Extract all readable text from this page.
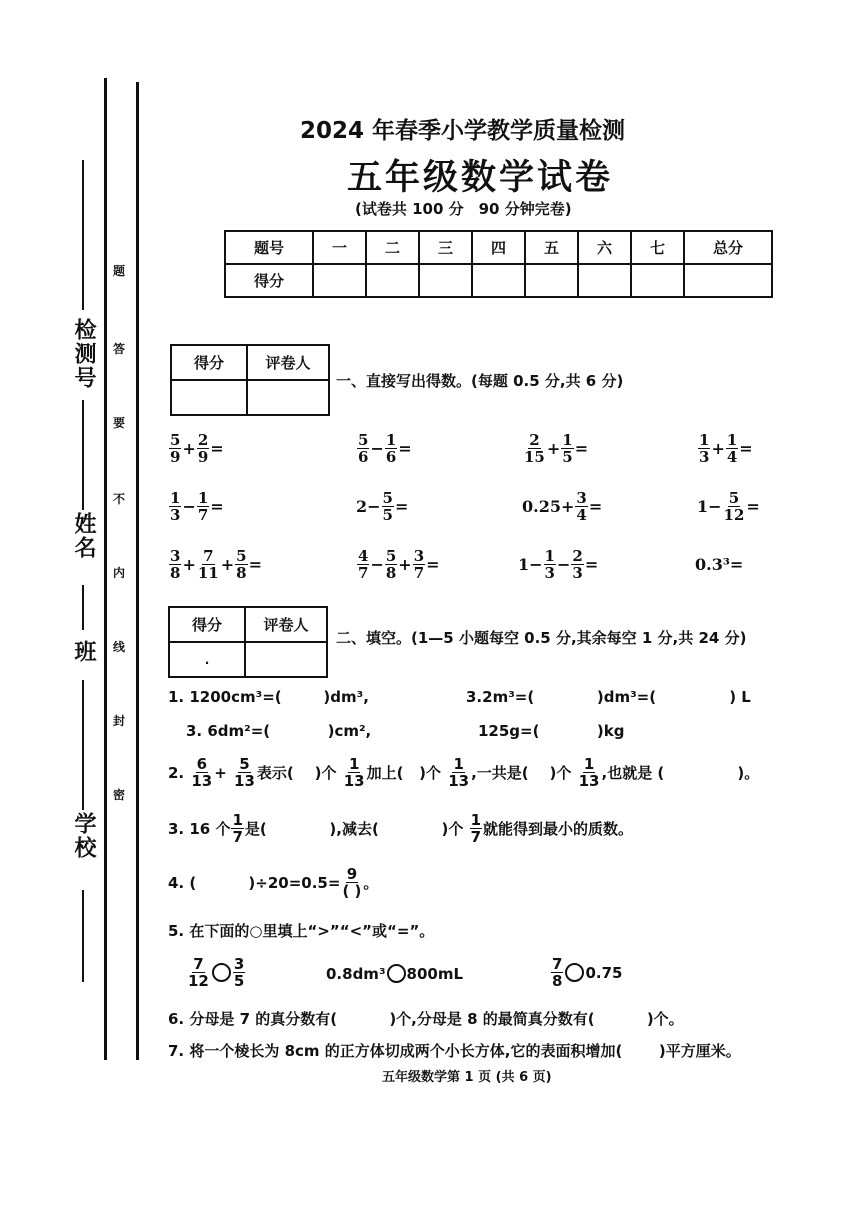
检测号
姓名
班
学校
题
答
要
不
内
线
封
密
2024 年春季小学教学质量检测
五年级数学试卷
(试卷共 100 分　90 分钟完卷)
题号	一	二	三	四	五	六	七	总分
得分								
得分	评卷人

一、直接写出得数。(每题 0.5 分,共 6 分)
$\frac{5}{9} + \frac{2}{9}$ =	$\frac{5}{6} - \frac{1}{6}$ =	$\frac{2}{15} + \frac{1}{5}$ =	$\frac{1}{3} + \frac{1}{4}$ =
$\frac{1}{3} - \frac{1}{7}$ =	$2- \frac{5}{5}$ =	$0.25+ \frac{3}{4}$ =	$1- \frac{5}{12}$ =
$\frac{3}{8} + \frac{7}{11} + \frac{5}{8}$ =	$\frac{4}{7} - \frac{5}{8} + \frac{3}{7}$ =	$1- \frac{1}{3} - \frac{2}{3}$ =	0.3³=
得分	评卷人
.	
二、填空。(1—5 小题每空 0.5 分,其余每空 1 分,共 24 分)
1. 1200cm³=(        )dm³,	3.2m³=(            )dm³=(              ) L
3. 6dm²=(           )cm²,	125g=(           )kg
2. $\frac{6}{13} + \frac{5}{13}$ 表示(    )个 $\frac{1}{13}$ 加上(   )个 $\frac{1}{13}$ ,一共是(    )个 $\frac{1}{13}$ ,也就是 (              )。
3. 16 个 $\frac{1}{7}$ 是(            ),减去(            )个 $\frac{1}{7}$ 就能得到最小的质数。
4. (          )$\div 20=0.5= \frac{9}{( )}$ 。
5. 在下面的○里填上“>”“<”或“=”。
$\frac{7}{12} \frac{3}{5}$	0.8dm³ 800mL	$\frac{7}{8} 0.75$
6. 分母是 7 的真分数有(          )个,分母是 8 的最简真分数有(          )个。
7. 将一个棱长为 8cm 的正方体切成两个小长方体,它的表面积增加(       )平方厘米。
五年级数学第 1 页 (共 6 页)
